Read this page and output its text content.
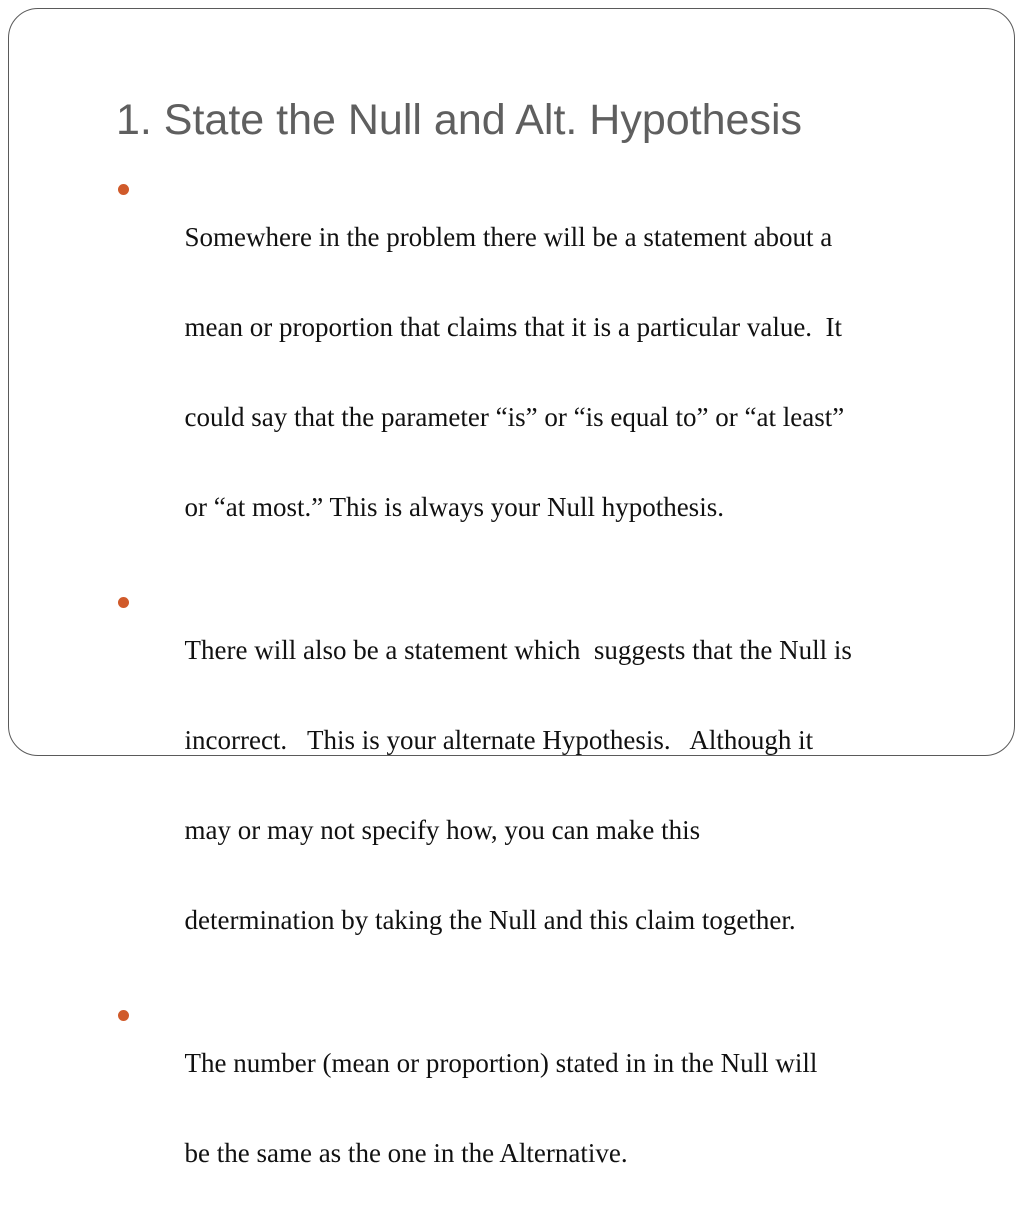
1. State the Null and Alt. Hypothesis

Somewhere in the problem there will be a statement about a

mean or proportion that claims that it is a particular value.  It

could say that the parameter “is” or “is equal to” or “at least”

or “at most.” This is always your Null hypothesis.

There will also be a statement which  suggests that the Null is

incorrect.   This is your alternate Hypothesis.   Although it

may or may not specify how, you can make this

determination by taking the Null and this claim together.

The number (mean or proportion) stated in in the Null will

be the same as the one in the Alternative.
